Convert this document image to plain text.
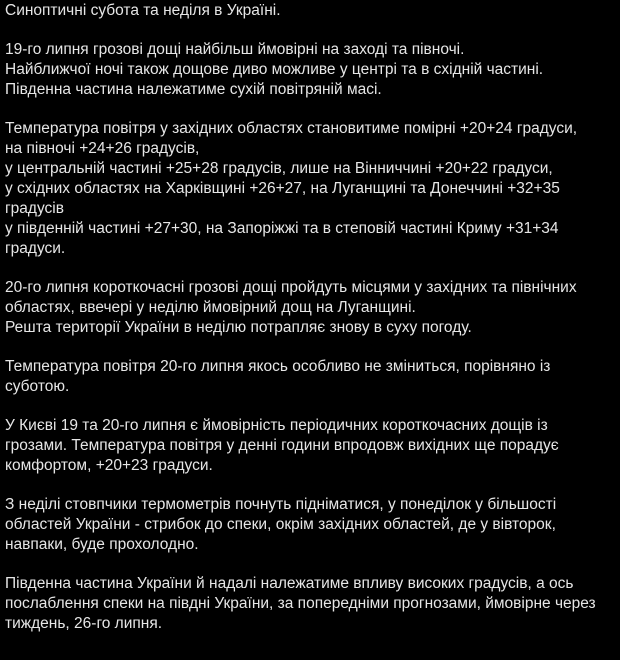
Синоптичні субота та неділя в Україні.

19-го липня грозові дощі найбільш ймовірні на заході та півночі.
Найближчої ночі також дощове диво можливе у центрі та в східній частині.
Південна частина належатиме сухій повітряній масі.

Температура повітря у західних областях становитиме помірні +20+24 градуси,
на півночі +24+26 градусів,
у центральній частині +25+28 градусів, лише на Вінниччині +20+22 градуси,
у східних областях на Харківщині +26+27, на Луганщині та Донеччині +32+35
градусів
у південній частині +27+30, на Запоріжжі та в степовій частині Криму +31+34
градуси.

20-го липня короткочасні грозові дощі пройдуть місцями у західних та північних
областях, ввечері у неділю ймовірний дощ на Луганщині.
Решта території України в неділю потрапляє знову в суху погоду.

Температура повітря 20-го липня якось особливо не зміниться, порівняно із
суботою.

У Києві 19 та 20-го липня є ймовірність періодичних короткочасних дощів із
грозами. Температура повітря у денні години впродовж вихідних ще порадує
комфортом, +20+23 градуси.

З неділі стовпчики термометрів почнуть підніматися, у понеділок у більшості
областей України - стрибок до спеки, окрім західних областей, де у вівторок,
навпаки, буде прохолодно.

Південна частина України й надалі належатиме впливу високих градусів, а ось
послаблення спеки на півдні України, за попередніми прогнозами, ймовірне через
тиждень, 26-го липня.
